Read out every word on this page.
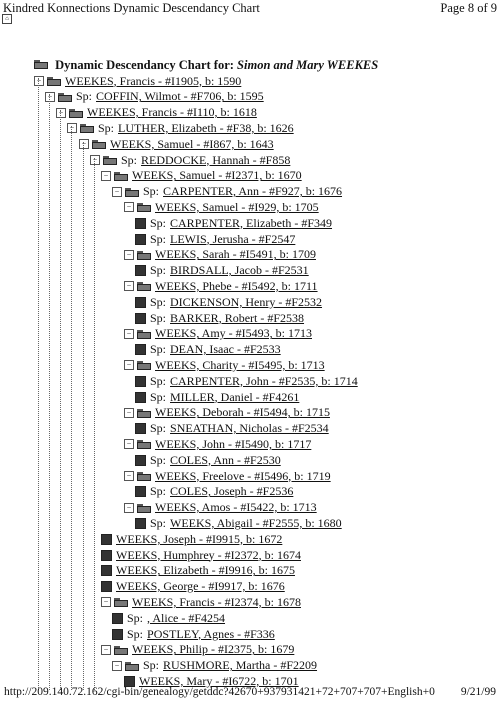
Kindred Konnections Dynamic Descendancy Chart	Page 8 of 9
⌂
Dynamic Descendancy Chart for: Simon and Mary WEEKES
− WEEKES, Francis - #I1905, b: 1590
− Sp: COFFIN, Wilmot - #F706, b: 1595
− WEEKES, Francis - #I110, b: 1618
− Sp: LUTHER, Elizabeth - #F38, b: 1626
− WEEKS, Samuel - #I867, b: 1643
− Sp: REDDOCKE, Hannah - #F858
− WEEKS, Samuel - #I2371, b: 1670
− Sp: CARPENTER, Ann - #F927, b: 1676
− WEEKS, Samuel - #I929, b: 1705
Sp: CARPENTER, Elizabeth - #F349
Sp: LEWIS, Jerusha - #F2547
− WEEKS, Sarah - #I5491, b: 1709
Sp: BIRDSALL, Jacob - #F2531
− WEEKS, Phebe - #I5492, b: 1711
Sp: DICKENSON, Henry - #F2532
Sp: BARKER, Robert - #F2538
− WEEKS, Amy - #I5493, b: 1713
Sp: DEAN, Isaac - #F2533
− WEEKS, Charity - #I5495, b: 1713
Sp: CARPENTER, John - #F2535, b: 1714
Sp: MILLER, Daniel - #F4261
− WEEKS, Deborah - #I5494, b: 1715
Sp: SNEATHAN, Nicholas - #F2534
− WEEKS, John - #I5490, b: 1717
Sp: COLES, Ann - #F2530
− WEEKS, Freelove - #I5496, b: 1719
Sp: COLES, Joseph - #F2536
− WEEKS, Amos - #I5422, b: 1713
Sp: WEEKS, Abigail - #F2555, b: 1680
WEEKS, Joseph - #I9915, b: 1672
WEEKS, Humphrey - #I2372, b: 1674
WEEKS, Elizabeth - #I9916, b: 1675
WEEKS, George - #I9917, b: 1676
− WEEKS, Francis - #I2374, b: 1678
Sp: , Alice - #F4254
Sp: POSTLEY, Agnes - #F336
− WEEKS, Philip - #I2375, b: 1679
− Sp: RUSHMORE, Martha - #F2209
WEEKS, Mary - #I6722, b: 1701
http://209.140.72.162/cgi-bin/genealogy/getddc?42670+937931421+72+707+707+English+0 9/21/99
